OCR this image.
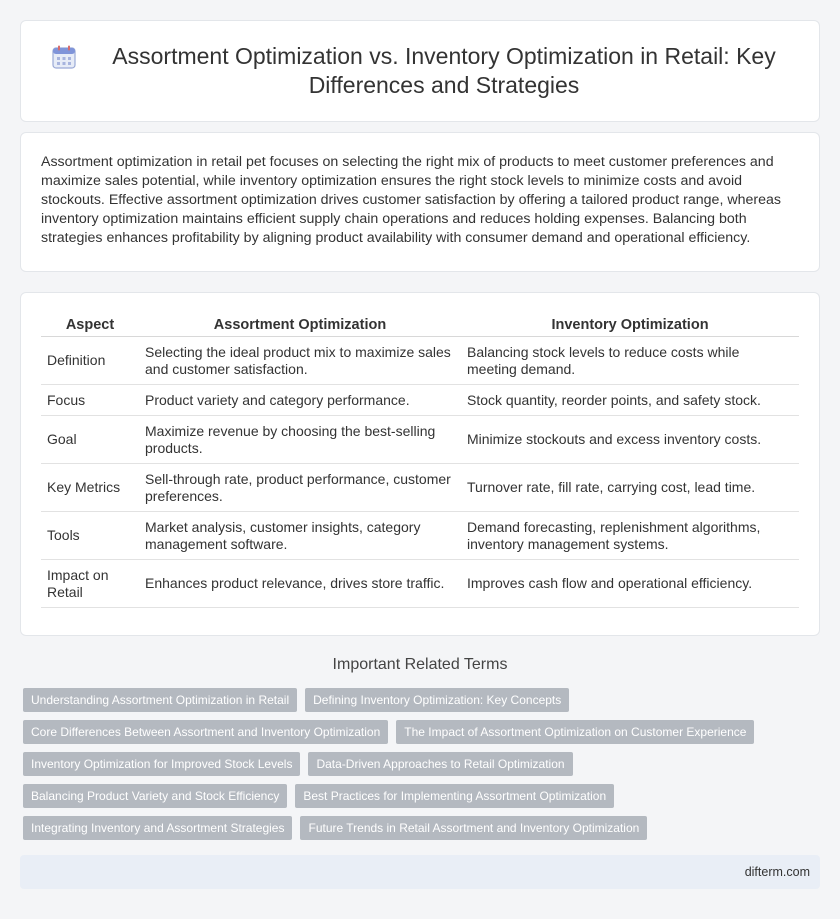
Assortment Optimization vs. Inventory Optimization in Retail: Key Differences and Strategies

Assortment optimization in retail pet focuses on selecting the right mix of products to meet customer preferences and maximize sales potential, while inventory optimization ensures the right stock levels to minimize costs and avoid stockouts. Effective assortment optimization drives customer satisfaction by offering a tailored product range, whereas inventory optimization maintains efficient supply chain operations and reduces holding expenses. Balancing both strategies enhances profitability by aligning product availability with consumer demand and operational efficiency.

Aspect	Assortment Optimization	Inventory Optimization
Definition	Selecting the ideal product mix to maximize sales and customer satisfaction.	Balancing stock levels to reduce costs while meeting demand.
Focus	Product variety and category performance.	Stock quantity, reorder points, and safety stock.
Goal	Maximize revenue by choosing the best-selling products.	Minimize stockouts and excess inventory costs.
Key Metrics	Sell-through rate, product performance, customer preferences.	Turnover rate, fill rate, carrying cost, lead time.
Tools	Market analysis, customer insights, category management software.	Demand forecasting, replenishment algorithms, inventory management systems.
Impact on Retail	Enhances product relevance, drives store traffic.	Improves cash flow and operational efficiency.
Important Related Terms
Understanding Assortment Optimization in Retail	Defining Inventory Optimization: Key Concepts
Core Differences Between Assortment and Inventory Optimization	The Impact of Assortment Optimization on Customer Experience
Inventory Optimization for Improved Stock Levels	Data-Driven Approaches to Retail Optimization
Balancing Product Variety and Stock Efficiency	Best Practices for Implementing Assortment Optimization
Integrating Inventory and Assortment Strategies	Future Trends in Retail Assortment and Inventory Optimization
difterm.com
